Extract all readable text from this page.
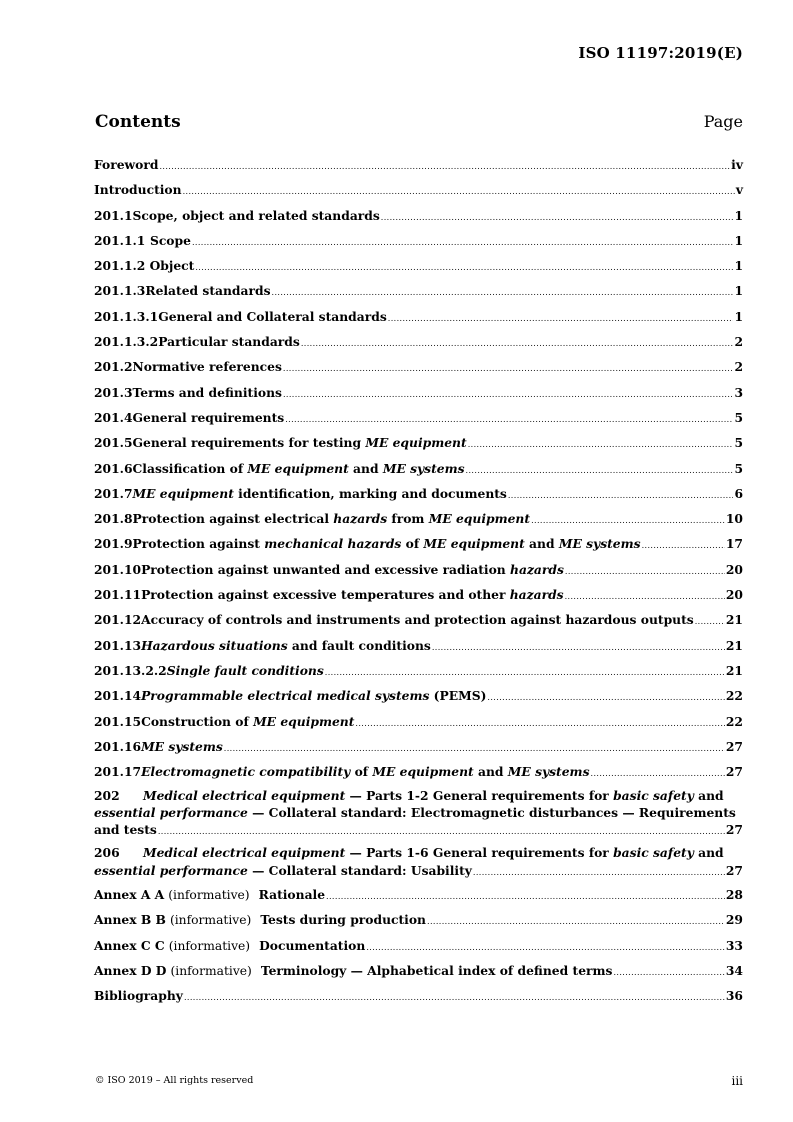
ISO 11197:2019(E)
Contents	Page
Foreword .....	iv
Introduction .....	v
201.1 Scope, object and related standards .....	1
201.1.1 Scope .....	1
201.1.2 Object .....	1
201.1.3 Related standards .....	1
201.1.3.1 General and Collateral standards .....	1
201.1.3.2 Particular standards .....	2
201.2 Normative references .....	2
201.3 Terms and definitions .....	3
201.4 General requirements .....	5
201.5 General requirements for testing ME equipment .....	5
201.6 Classification of ME equipment and ME systems .....	5
201.7 ME equipment identification, marking and documents .....	6
201.8 Protection against electrical hazards from ME equipment .....	10
201.9 Protection against mechanical hazards of ME equipment and ME systems .....	17
201.10 Protection against unwanted and excessive radiation hazards .....	20
201.11 Protection against excessive temperatures and other hazards .....	20
201.12 Accuracy of controls and instruments and protection against hazardous outputs .....	21
201.13 Hazardous situations and fault conditions .....	21
201.13.2.2 Single fault conditions .....	21
201.14 Programmable electrical medical systems (PEMS) .....	22
201.15 Construction of ME equipment .....	22
201.16 ME systems .....	27
201.17 Electromagnetic compatibility of ME equipment and ME systems .....	27
202 Medical electrical equipment — Parts 1-2 General requirements for basic safety and
essential performance — Collateral standard: Electromagnetic disturbances — Requirements
and tests .....	27
206 Medical electrical equipment — Parts 1-6 General requirements for basic safety and
essential performance — Collateral standard: Usability .....	27
Annex A A (informative) Rationale .....	28
Annex B B (informative) Tests during production .....	29
Annex C C (informative) Documentation .....	33
Annex D D (informative) Terminology — Alphabetical index of defined terms .....	34
Bibliography .....	36
© ISO 2019 – All rights reserved	iii
